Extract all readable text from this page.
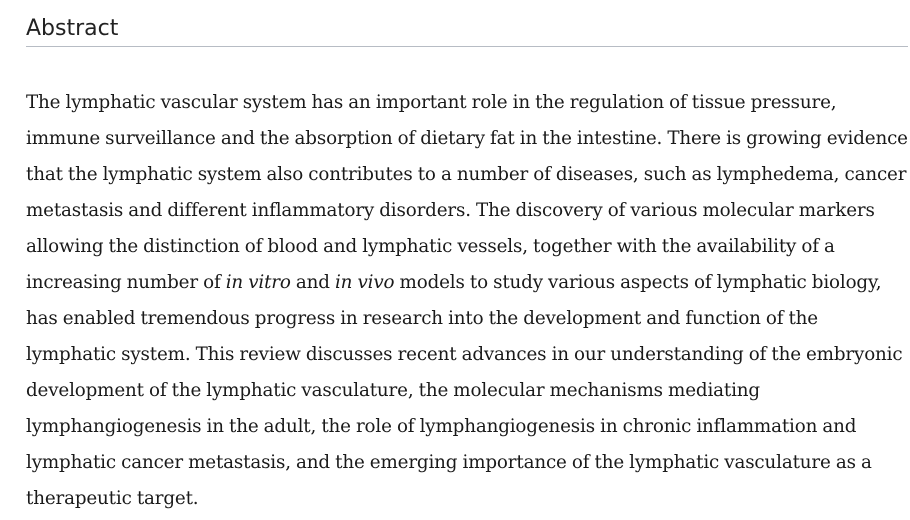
Abstract

The lymphatic vascular system has an important role in the regulation of tissue pressure, immune surveillance and the absorption of dietary fat in the intestine. There is growing evidence that the lymphatic system also contributes to a number of diseases, such as lymphedema, cancer metastasis and different inflammatory disorders. The discovery of various molecular markers allowing the distinction of blood and lymphatic vessels, together with the availability of a increasing number of in vitro and in vivo models to study various aspects of lymphatic biology, has enabled tremendous progress in research into the development and function of the lymphatic system. This review discusses recent advances in our understanding of the embryonic development of the lymphatic vasculature, the molecular mechanisms mediating lymphangiogenesis in the adult, the role of lymphangiogenesis in chronic inflammation and lymphatic cancer metastasis, and the emerging importance of the lymphatic vasculature as a therapeutic target.
